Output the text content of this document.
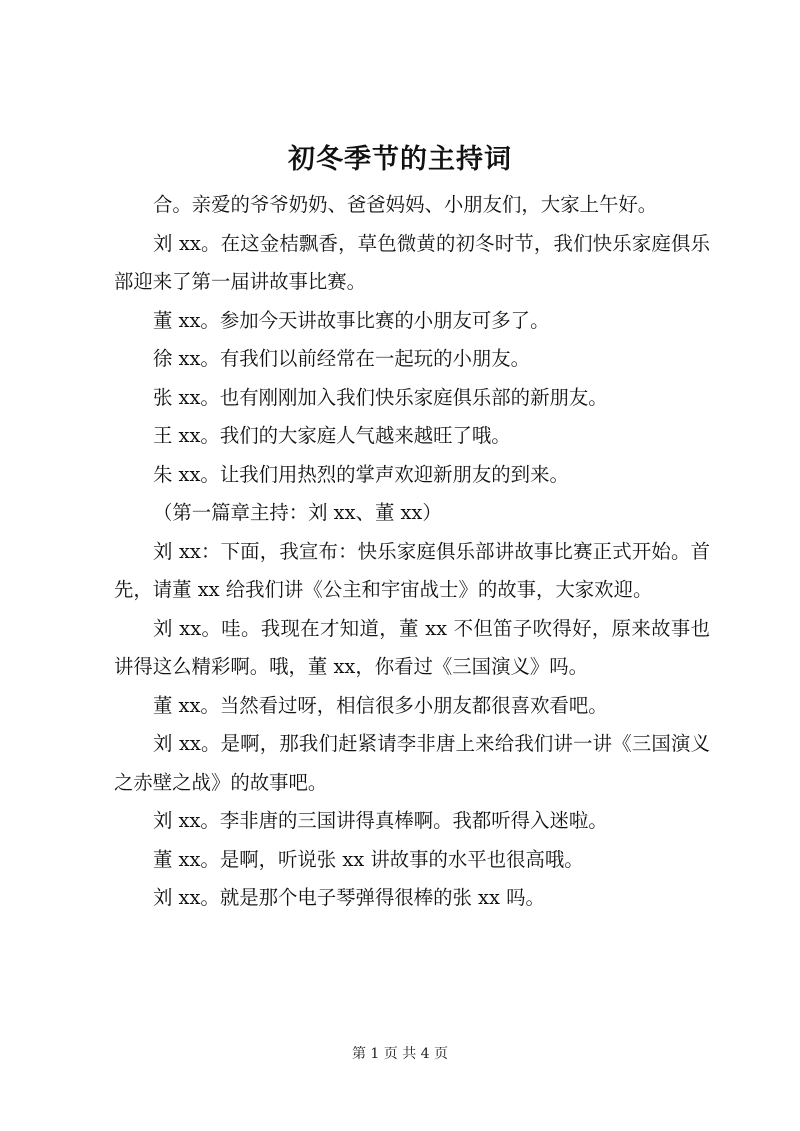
初冬季节的主持词

合。亲爱的爷爷奶奶、爸爸妈妈、小朋友们，大家上午好。

刘 xx。在这金桔飘香，草色微黄的初冬时节，我们快乐家庭俱乐部迎来了第一届讲故事比赛。

董 xx。参加今天讲故事比赛的小朋友可多了。

徐 xx。有我们以前经常在一起玩的小朋友。

张 xx。也有刚刚加入我们快乐家庭俱乐部的新朋友。

王 xx。我们的大家庭人气越来越旺了哦。

朱 xx。让我们用热烈的掌声欢迎新朋友的到来。

（第一篇章主持：刘 xx、董 xx）

刘 xx：下面，我宣布：快乐家庭俱乐部讲故事比赛正式开始。首先，请董 xx 给我们讲《公主和宇宙战士》的故事，大家欢迎。

刘 xx。哇。我现在才知道，董 xx 不但笛子吹得好，原来故事也讲得这么精彩啊。哦，董 xx，你看过《三国演义》吗。

董 xx。当然看过呀，相信很多小朋友都很喜欢看吧。

刘 xx。是啊，那我们赶紧请李非唐上来给我们讲一讲《三国演义之赤壁之战》的故事吧。

刘 xx。李非唐的三国讲得真棒啊。我都听得入迷啦。

董 xx。是啊，听说张 xx 讲故事的水平也很高哦。

刘 xx。就是那个电子琴弹得很棒的张 xx 吗。

第 1 页 共 4 页
